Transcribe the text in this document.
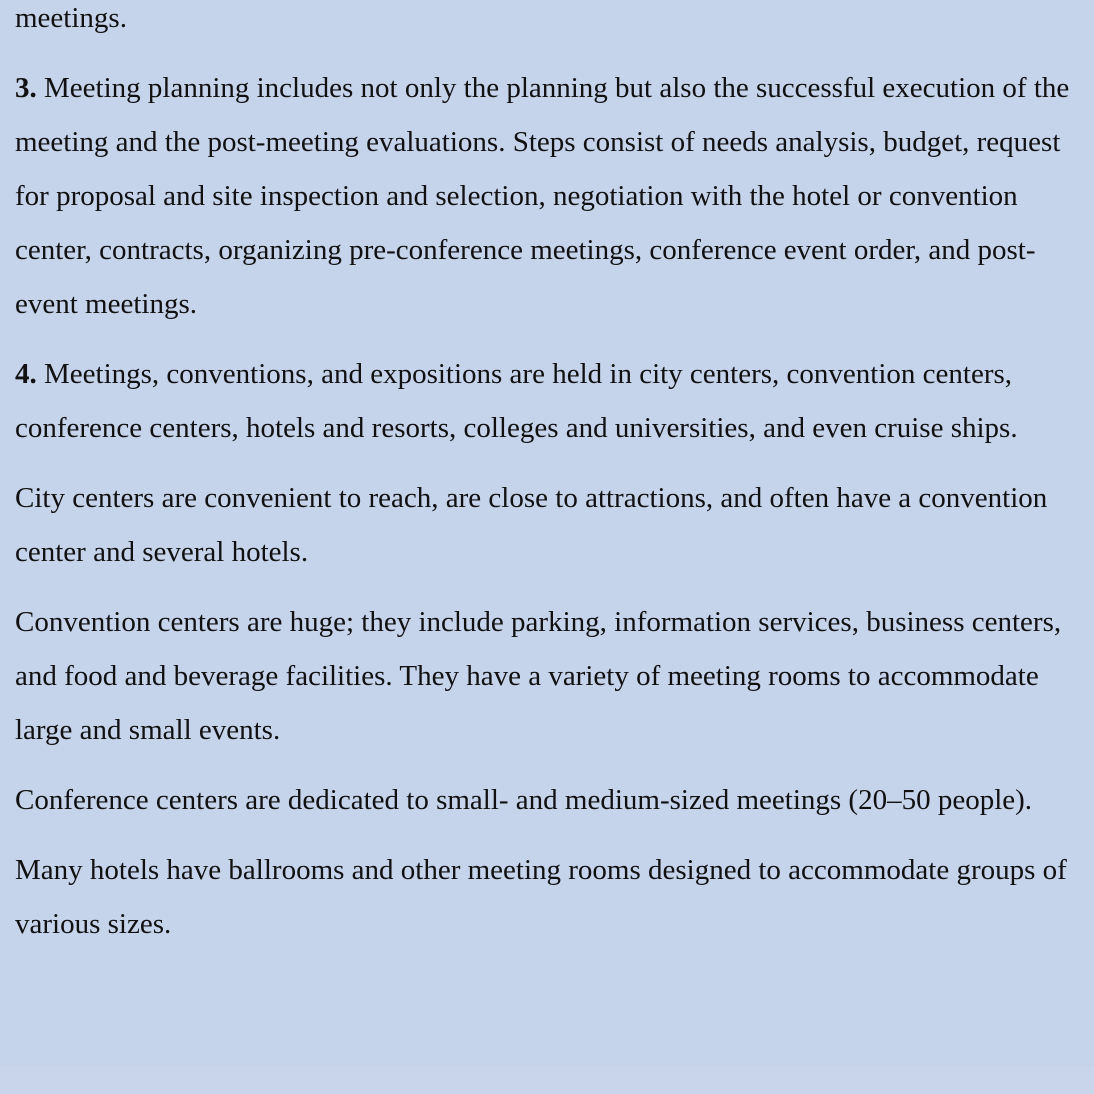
meetings.

3. Meeting planning includes not only the planning but also the successful execution of the meeting and the post-meeting evaluations. Steps consist of needs analysis, budget, request for proposal and site inspection and selection, negotiation with the hotel or convention center, contracts, organizing pre-conference meetings, conference event order, and post-event meetings.

4. Meetings, conventions, and expositions are held in city centers, convention centers, conference centers, hotels and resorts, colleges and universities, and even cruise ships.

City centers are convenient to reach, are close to attractions, and often have a convention center and several hotels.

Convention centers are huge; they include parking, information services, business centers, and food and beverage facilities. They have a variety of meeting rooms to accommodate large and small events.

Conference centers are dedicated to small- and medium-sized meetings (20–50 people).

Many hotels have ballrooms and other meeting rooms designed to accommodate groups of various sizes.
